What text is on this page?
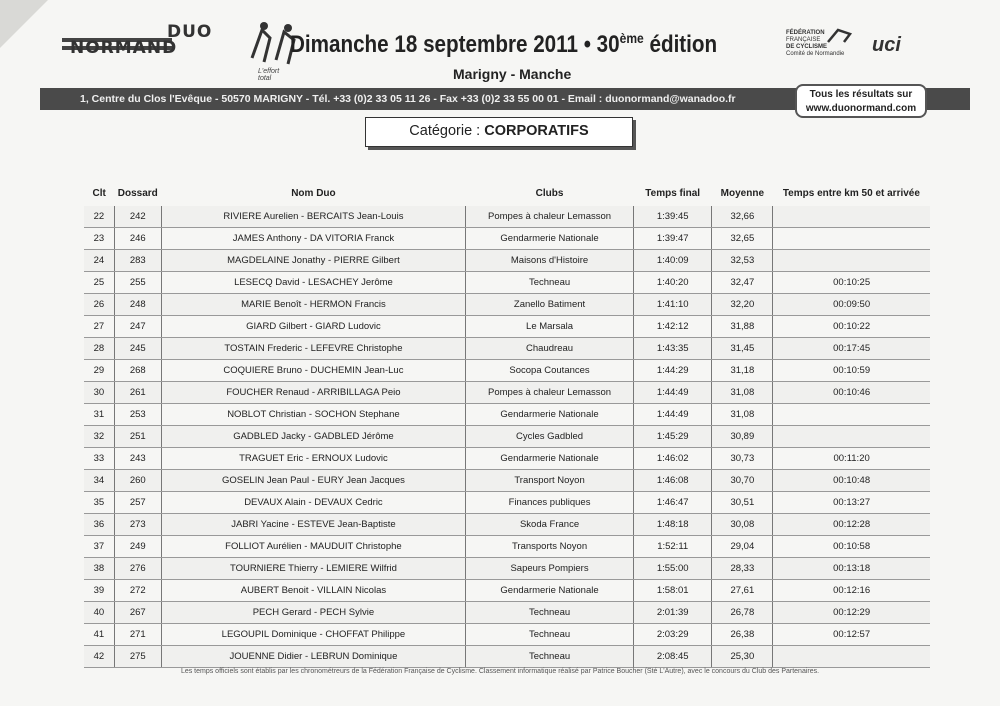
DUO
NORMAND
L'effort total
Dimanche 18 septembre 2011 • 30ème édition
Marigny - Manche
FÉDÉRATION
FRANÇAISE
DE CYCLISME
Comité de Normandie uci
1, Centre du Clos l'Evêque - 50570 MARIGNY - Tél. +33 (0)2 33 05 11 26 - Fax +33 (0)2 33 55 00 01 - Email : duonormand@wanadoo.fr	Tous les résultats sur
www.duonormand.com
Catégorie : CORPORATIFS
Clt	Dossard	Nom Duo	Clubs	Temps final	Moyenne	Temps entre km 50 et arrivée
22	242	RIVIERE Aurelien - BERCAITS Jean-Louis	Pompes à chaleur Lemasson	1:39:45	32,66	
23	246	JAMES Anthony - DA VITORIA Franck	Gendarmerie Nationale	1:39:47	32,65	
24	283	MAGDELAINE Jonathy - PIERRE Gilbert	Maisons d'Histoire	1:40:09	32,53	
25	255	LESECQ David - LESACHEY Jerôme	Techneau	1:40:20	32,47	00:10:25
26	248	MARIE Benoît - HERMON Francis	Zanello Batiment	1:41:10	32,20	00:09:50
27	247	GIARD Gilbert - GIARD Ludovic	Le Marsala	1:42:12	31,88	00:10:22
28	245	TOSTAIN Frederic - LEFEVRE Christophe	Chaudreau	1:43:35	31,45	00:17:45
29	268	COQUIERE Bruno - DUCHEMIN Jean-Luc	Socopa Coutances	1:44:29	31,18	00:10:59
30	261	FOUCHER Renaud - ARRIBILLAGA Peio	Pompes à chaleur Lemasson	1:44:49	31,08	00:10:46
31	253	NOBLOT Christian - SOCHON Stephane	Gendarmerie Nationale	1:44:49	31,08	
32	251	GADBLED Jacky - GADBLED Jérôme	Cycles Gadbled	1:45:29	30,89	
33	243	TRAGUET Eric - ERNOUX Ludovic	Gendarmerie Nationale	1:46:02	30,73	00:11:20
34	260	GOSELIN Jean Paul - EURY Jean Jacques	Transport Noyon	1:46:08	30,70	00:10:48
35	257	DEVAUX Alain - DEVAUX Cedric	Finances publiques	1:46:47	30,51	00:13:27
36	273	JABRI Yacine - ESTEVE Jean-Baptiste	Skoda France	1:48:18	30,08	00:12:28
37	249	FOLLIOT Aurélien - MAUDUIT Christophe	Transports Noyon	1:52:11	29,04	00:10:58
38	276	TOURNIERE Thierry - LEMIERE Wilfrid	Sapeurs Pompiers	1:55:00	28,33	00:13:18
39	272	AUBERT Benoit - VILLAIN Nicolas	Gendarmerie Nationale	1:58:01	27,61	00:12:16
40	267	PECH Gerard - PECH Sylvie	Techneau	2:01:39	26,78	00:12:29
41	271	LEGOUPIL Dominique - CHOFFAT Philippe	Techneau	2:03:29	26,38	00:12:57
42	275	JOUENNE Didier - LEBRUN Dominique	Techneau	2:08:45	25,30	
Les temps officiels sont établis par les chronométreurs de la Fédération Française de Cyclisme. Classement informatique réalisé par Patrice Boucher (Sté L'Autre), avec le concours du Club des Partenaires.
